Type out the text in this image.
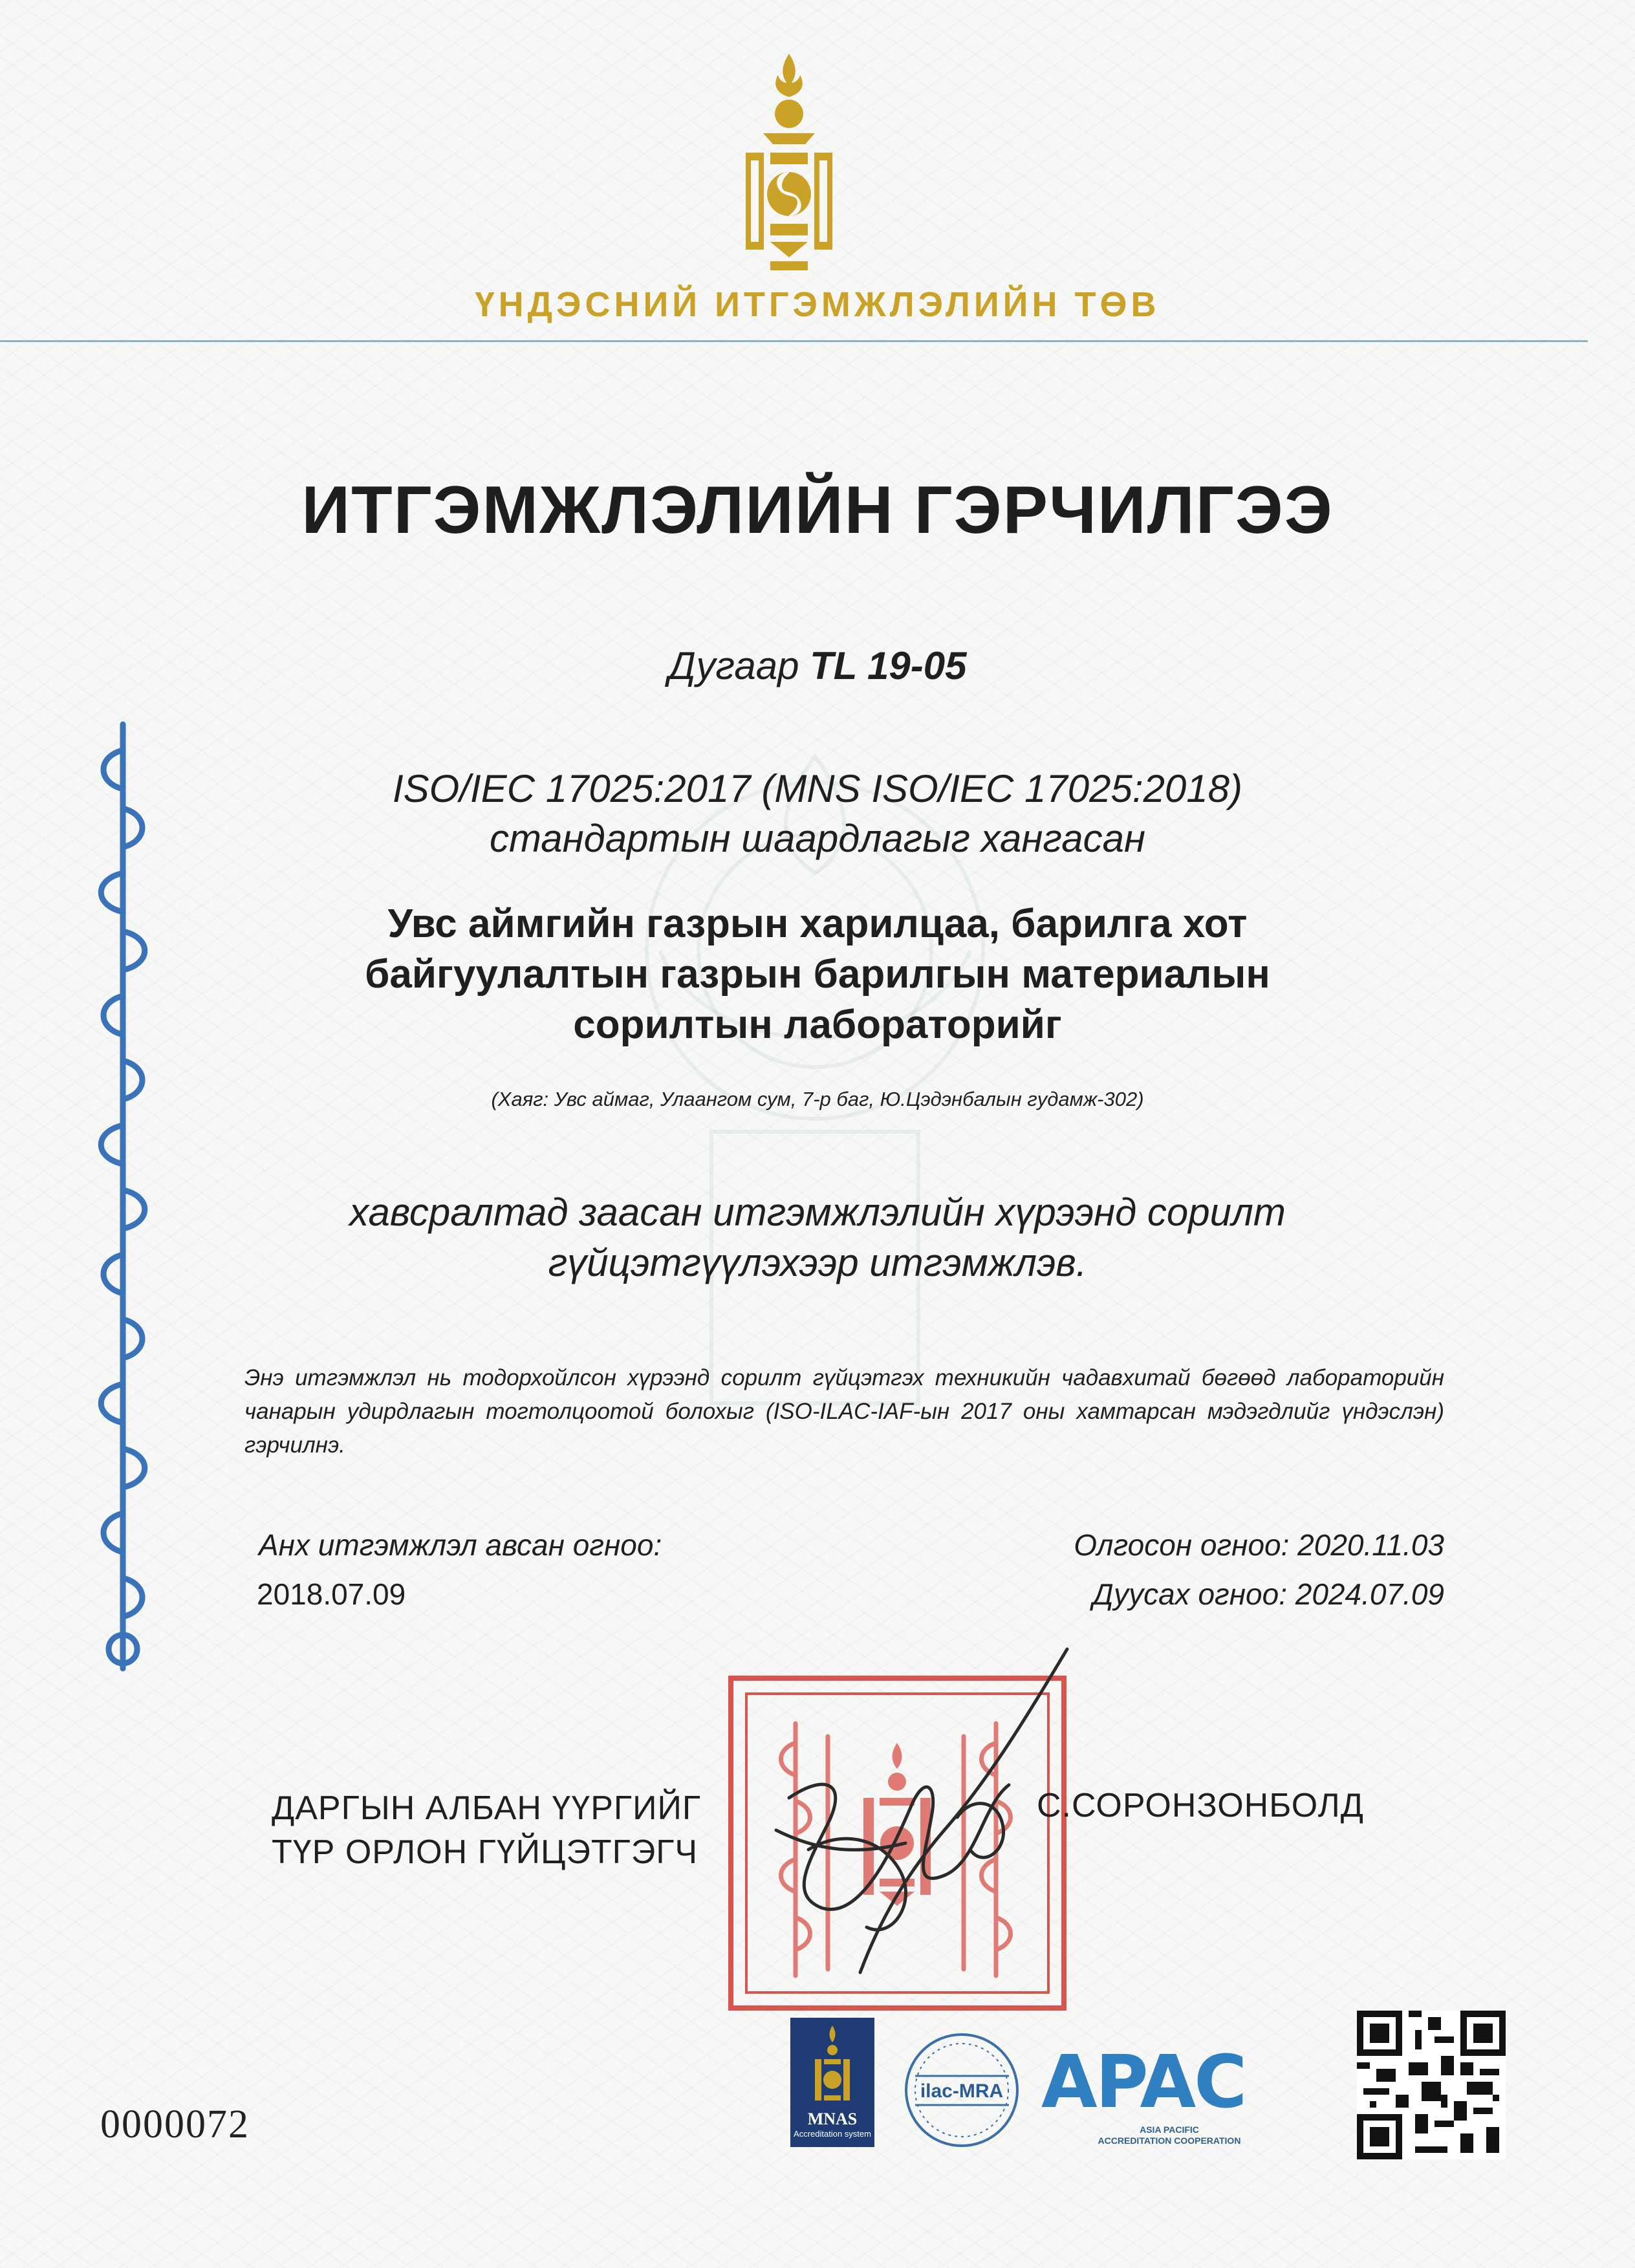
ҮНДЭСНИЙ ИТГЭМЖЛЭЛИЙН ТӨВ
ИТГЭМЖЛЭЛИЙН ГЭРЧИЛГЭЭ
Дугаар TL 19-05
ISO/IEC 17025:2017 (MNS ISO/IEC 17025:2018)
стандартын шаардлагыг хангасан
Увс аймгийн газрын харилцаа, барилга хот
байгуулалтын газрын барилгын материалын
сорилтын лабораторийг
(Хаяг: Увс аймаг, Улаангом сум, 7-р баг, Ю.Цэдэнбалын гудамж-302)
хавсралтад заасан итгэмжлэлийн хүрээнд сорилт
гүйцэтгүүлэхээр итгэмжлэв.
Энэ итгэмжлэл нь тодорхойлсон хүрээнд сорилт гүйцэтгэх техникийн чадавхитай бөгөөд лабораторийн чанарын удирдлагын тогтолцоотой болохыг (ISO-ILAC-IAF-ын 2017 оны хамтарсан мэдэгдлийг үндэслэн) гэрчилнэ.
Анх итгэмжлэл авсан огноо:
2018.07.09
Олгосон огноо: 2020.11.03
Дуусах огноо: 2024.07.09
ДАРГЫН АЛБАН ҮҮРГИЙГ
ТҮР ОРЛОН ГҮЙЦЭТГЭГЧ
С.СОРОНЗОНБОЛД
0000072	MNAS
Accreditation system
ilac-MRA APAC
ASIA PACIFIC
ACCREDITATION COOPERATION
